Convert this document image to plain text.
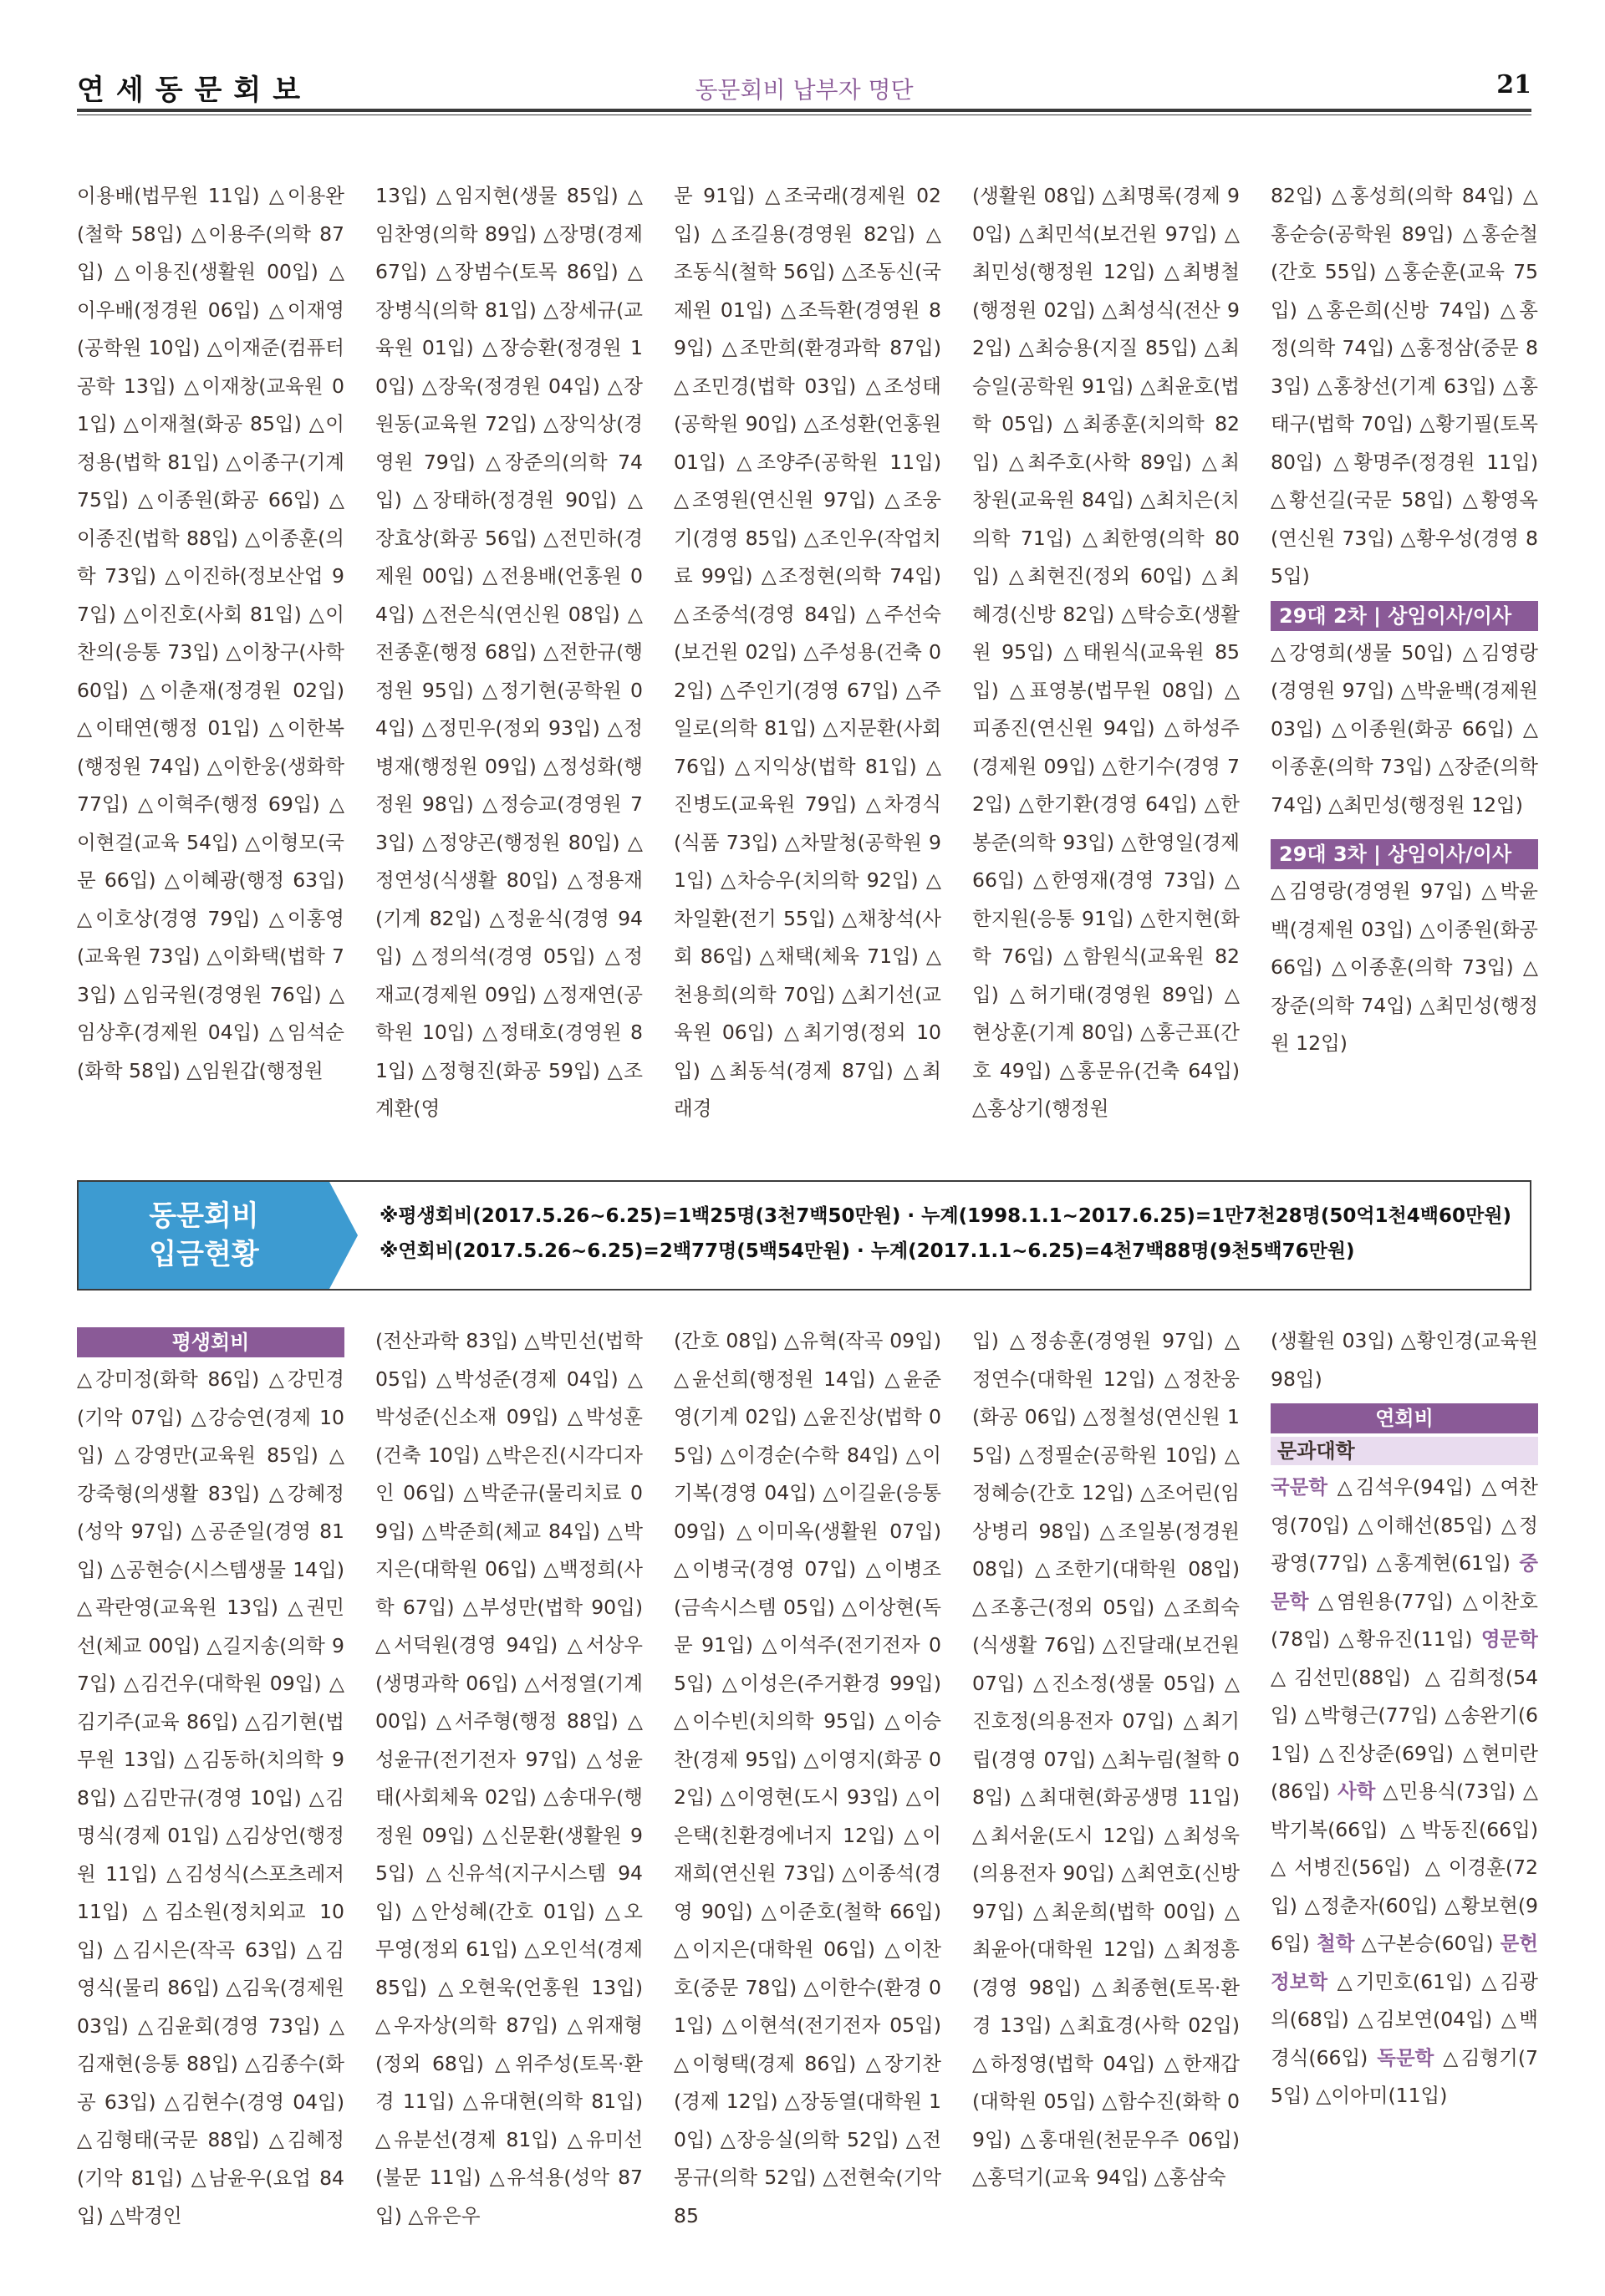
연세동문회보	동문회비 납부자 명단	21

이용배(법무원 11입) △이용완(철학 58입) △이용주(의학 87입) △이용진(생활원 00입) △이우배(정경원 06입) △이재영(공학원 10입) △이재준(컴퓨터공학 13입) △이재창(교육원 01입) △이재철(화공 85입) △이정용(법학 81입) △이종구(기계 75입) △이종원(화공 66입) △이종진(법학 88입) △이종훈(의학 73입) △이진하(정보산업 97입) △이진호(사회 81입) △이찬의(응통 73입) △이창구(사학 60입) △이춘재(정경원 02입) △이태연(행정 01입) △이한복(행정원 74입) △이한웅(생화학 77입) △이혁주(행정 69입) △이현걸(교육 54입) △이형모(국문 66입) △이혜광(행정 63입) △이호상(경영 79입) △이홍영(교육원 73입) △이화택(법학 73입) △임국원(경영원 76입) △임상후(경제원 04입) △임석순(화학 58입) △임원갑(행정원

13입) △임지현(생물 85입) △임찬영(의학 89입) △장명(경제 67입) △장범수(토목 86입) △장병식(의학 81입) △장세규(교육원 01입) △장승환(정경원 10입) △장욱(정경원 04입) △장원동(교육원 72입) △장익상(경영원 79입) △장준의(의학 74입) △장태하(정경원 90입) △장효상(화공 56입) △전민하(경제원 00입) △전용배(언홍원 04입) △전은식(연신원 08입) △전종훈(행정 68입) △전한규(행정원 95입) △정기현(공학원 04입) △정민우(정외 93입) △정병재(행정원 09입) △정성화(행정원 98입) △정승교(경영원 73입) △정양곤(행정원 80입) △정연성(식생활 80입) △정용재(기계 82입) △정윤식(경영 94입) △정의석(경영 05입) △정재교(경제원 09입) △정재연(공학원 10입) △정태호(경영원 81입) △정형진(화공 59입) △조계환(영

문 91입) △조국래(경제원 02입) △조길용(경영원 82입) △조동식(철학 56입) △조동신(국제원 01입) △조득환(경영원 89입) △조만희(환경과학 87입) △조민경(법학 03입) △조성태(공학원 90입) △조성환(언홍원 01입) △조양주(공학원 11입) △조영원(연신원 97입) △조웅기(경영 85입) △조인우(작업치료 99입) △조정현(의학 74입) △조중석(경영 84입) △주선숙(보건원 02입) △주성용(건축 02입) △주인기(경영 67입) △주일로(의학 81입) △지문환(사회 76입) △지익상(법학 81입) △진병도(교육원 79입) △차경식(식품 73입) △차말청(공학원 91입) △차승우(치의학 92입) △차일환(전기 55입) △채창석(사회 86입) △채택(체육 71입) △천용희(의학 70입) △최기선(교육원 06입) △최기영(정외 10입) △최동석(경제 87입) △최래경

(생활원 08입) △최명록(경제 90입) △최민석(보건원 97입) △최민성(행정원 12입) △최병철(행정원 02입) △최성식(전산 92입) △최승용(지질 85입) △최승일(공학원 91입) △최윤호(법학 05입) △최종훈(치의학 82입) △최주호(사학 89입) △최창원(교육원 84입) △최치은(치의학 71입) △최한영(의학 80입) △최현진(정외 60입) △최혜경(신방 82입) △탁승호(생활원 95입) △태원식(교육원 85입) △표영봉(법무원 08입) △피종진(연신원 94입) △하성주(경제원 09입) △한기수(경영 72입) △한기환(경영 64입) △한봉준(의학 93입) △한영일(경제 66입) △한영재(경영 73입) △한지원(응통 91입) △한지현(화학 76입) △함원식(교육원 82입) △허기태(경영원 89입) △현상훈(기계 80입) △홍근표(간호 49입) △홍문유(건축 64입) △홍상기(행정원

82입) △홍성희(의학 84입) △홍순승(공학원 89입) △홍순철(간호 55입) △홍순훈(교육 75입) △홍은희(신방 74입) △홍정(의학 74입) △홍정삼(중문 83입) △홍창선(기계 63입) △홍태구(법학 70입) △황기필(토목 80입) △황명주(정경원 11입) △황선길(국문 58입) △황영옥(연신원 73입) △황우성(경영 85입)

29대 2차 | 상임이사/이사

△강영희(생물 50입) △김영랑(경영원 97입) △박윤백(경제원 03입) △이종원(화공 66입) △이종훈(의학 73입) △장준(의학 74입) △최민성(행정원 12입)

29대 3차 | 상임이사/이사

△김영랑(경영원 97입) △박윤백(경제원 03입) △이종원(화공 66입) △이종훈(의학 73입) △장준(의학 74입) △최민성(행정원 12입)

동문회비
입금현황
※평생회비(2017.5.26~6.25)=1백25명(3천7백50만원) · 누계(1998.1.1~2017.6.25)=1만7천28명(50억1천4백60만원)
※연회비(2017.5.26~6.25)=2백77명(5백54만원) · 누계(2017.1.1~6.25)=4천7백88명(9천5백76만원)
평생회비

△강미정(화학 86입) △강민경(기악 07입) △강승연(경제 10입) △강영만(교육원 85입) △강죽형(의생활 83입) △강혜정(성악 97입) △공준일(경영 81입) △공현승(시스템생물 14입) △곽란영(교육원 13입) △권민선(체교 00입) △길지송(의학 97입) △김건우(대학원 09입) △김기주(교육 86입) △김기현(법무원 13입) △김동하(치의학 98입) △김만규(경영 10입) △김명식(경제 01입) △김상언(행정원 11입) △김성식(스포츠레저 11입) △김소원(정치외교 10입) △김시은(작곡 63입) △김영식(물리 86입) △김욱(경제원 03입) △김윤회(경영 73입) △김재현(응통 88입) △김종수(화공 63입) △김현수(경영 04입) △김형태(국문 88입) △김혜정(기악 81입) △남윤우(요업 84입) △박경인

(전산과학 83입) △박민선(법학 05입) △박성준(경제 04입) △박성준(신소재 09입) △박성훈(건축 10입) △박은진(시각디자인 06입) △박준규(물리치료 09입) △박준희(체교 84입) △박지은(대학원 06입) △백정희(사학 67입) △부성만(법학 90입) △서덕원(경영 94입) △서상우(생명과학 06입) △서정열(기계 00입) △서주형(행정 88입) △성윤규(전기전자 97입) △성윤태(사회체육 02입) △송대우(행정원 09입) △신문환(생활원 95입) △신유석(지구시스템 94입) △안성혜(간호 01입) △오무영(정외 61입) △오인석(경제 85입) △오현욱(언홍원 13입) △우자상(의학 87입) △위재형(정외 68입) △위주성(토목·환경 11입) △유대현(의학 81입) △유분선(경제 81입) △유미선(불문 11입) △유석용(성악 87입) △유은우

(간호 08입) △유혁(작곡 09입) △윤선희(행정원 14입) △윤준영(기계 02입) △윤진상(법학 05입) △이경순(수학 84입) △이기복(경영 04입) △이길윤(응통 09입) △이미옥(생활원 07입) △이병국(경영 07입) △이병조(금속시스템 05입) △이상현(독문 91입) △이석주(전기전자 05입) △이성은(주거환경 99입) △이수빈(치의학 95입) △이승찬(경제 95입) △이영지(화공 02입) △이영현(도시 93입) △이은택(친환경에너지 12입) △이재희(연신원 73입) △이종석(경영 90입) △이준호(철학 66입) △이지은(대학원 06입) △이찬호(중문 78입) △이한수(환경 01입) △이현석(전기전자 05입) △이형택(경제 86입) △장기찬(경제 12입) △장동열(대학원 10입) △장응실(의학 52입) △전몽규(의학 52입) △전현숙(기악 85

입) △정송훈(경영원 97입) △정연수(대학원 12입) △정찬웅(화공 06입) △정철성(연신원 15입) △정필순(공학원 10입) △정혜승(간호 12입) △조어린(임상병리 98입) △조일봉(정경원 08입) △조한기(대학원 08입) △조홍근(정외 05입) △조희숙(식생활 76입) △진달래(보건원 07입) △진소정(생물 05입) △진호정(의용전자 07입) △최기립(경영 07입) △최누림(철학 08입) △최대현(화공생명 11입) △최서윤(도시 12입) △최성욱(의용전자 90입) △최연호(신방 97입) △최운희(법학 00입) △최윤아(대학원 12입) △최정흥(경영 98입) △최종현(토목·환경 13입) △최효경(사학 02입) △하정영(법학 04입) △한재갑(대학원 05입) △함수진(화학 09입) △홍대원(천문우주 06입) △홍덕기(교육 94입) △홍삼숙

(생활원 03입) △황인경(교육원 98입)

연회비
문과대학

국문학 △김석우(94입) △여찬영(70입) △이해선(85입) △정광영(77입) △홍계현(61입) 중문학 △염원용(77입) △이찬호(78입) △황유진(11입) 영문학 △김선민(88입) △김희정(54입) △박형근(77입) △송완기(61입) △진상준(69입) △현미란(86입) 사학 △민용식(73입) △박기복(66입) △박동진(66입) △서병진(56입) △이경훈(72입) △정춘자(60입) △황보현(96입) 철학 △구본승(60입) 문헌정보학 △기민호(61입) △김광의(68입) △김보연(04입) △백경식(66입) 독문학 △김형기(75입) △이아미(11입)
